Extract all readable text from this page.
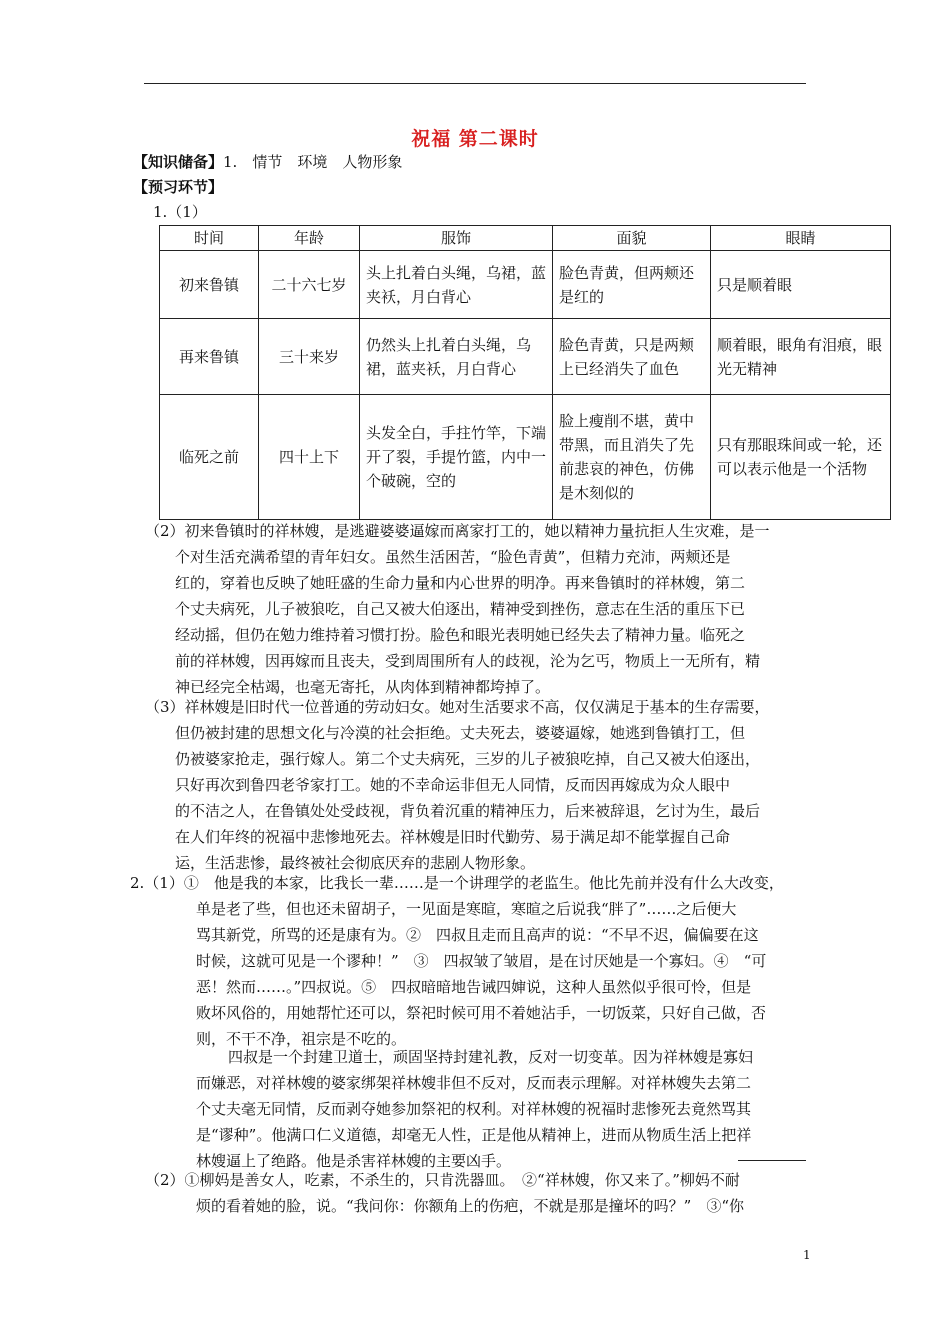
祝福 第二课时
【知识储备】1.　情节　环境　人物形象
【预习环节】
1.（1）
时间	年龄	服饰	面貌	眼睛
初来鲁镇	二十六七岁	头上扎着白头绳，乌裙，蓝夹袄，月白背心	脸色青黄，但两颊还是红的	只是顺着眼
再来鲁镇	三十来岁	仍然头上扎着白头绳，乌裙，蓝夹袄，月白背心	脸色青黄，只是两颊上已经消失了血色	顺着眼，眼角有泪痕，眼光无精神
临死之前	四十上下	头发全白，手拄竹竿，下端开了裂，手提竹篮，内中一个破碗，空的	脸上瘦削不堪，黄中带黑，而且消失了先前悲哀的神色，仿佛是木刻似的	只有那眼珠间或一轮，还可以表示他是一个活物
（2）初来鲁镇时的祥林嫂，是逃避婆婆逼嫁而离家打工的，她以精神力量抗拒人生灾难，是一
个对生活充满希望的青年妇女。虽然生活困苦，“脸色青黄”，但精力充沛，两颊还是
红的，穿着也反映了她旺盛的生命力量和内心世界的明净。再来鲁镇时的祥林嫂，第二
个丈夫病死，儿子被狼吃，自己又被大伯逐出，精神受到挫伤，意志在生活的重压下已
经动摇，但仍在勉力维持着习惯打扮。脸色和眼光表明她已经失去了精神力量。临死之
前的祥林嫂，因再嫁而且丧夫，受到周围所有人的歧视，沦为乞丐，物质上一无所有，精
神已经完全枯竭，也毫无寄托，从肉体到精神都垮掉了。
（3）祥林嫂是旧时代一位普通的劳动妇女。她对生活要求不高，仅仅满足于基本的生存需要，
但仍被封建的思想文化与冷漠的社会拒绝。丈夫死去，婆婆逼嫁，她逃到鲁镇打工，但
仍被婆家抢走，强行嫁人。第二个丈夫病死，三岁的儿子被狼吃掉，自己又被大伯逐出，
只好再次到鲁四老爷家打工。她的不幸命运非但无人同情，反而因再嫁成为众人眼中
的不洁之人，在鲁镇处处受歧视，背负着沉重的精神压力，后来被辞退，乞讨为生，最后
在人们年终的祝福中悲惨地死去。祥林嫂是旧时代勤劳、易于满足却不能掌握自己命
运，生活悲惨，最终被社会彻底厌弃的悲剧人物形象。
2.（1）①　他是我的本家，比我长一辈……是一个讲理学的老监生。他比先前并没有什么大改变，
单是老了些，但也还未留胡子，一见面是寒暄，寒暄之后说我“胖了”……之后便大
骂其新党，所骂的还是康有为。②　四叔且走而且高声的说：“不早不迟，偏偏要在这
时候，这就可见是一个谬种！”　③　四叔皱了皱眉，是在讨厌她是一个寡妇。④　“可
恶！然而……。”四叔说。⑤　四叔暗暗地告诫四婶说，这种人虽然似乎很可怜，但是
败坏风俗的，用她帮忙还可以，祭祀时候可用不着她沾手，一切饭菜，只好自己做，否
则，不干不净，祖宗是不吃的。
四叔是一个封建卫道士，顽固坚持封建礼教，反对一切变革。因为祥林嫂是寡妇
而嫌恶，对祥林嫂的婆家绑架祥林嫂非但不反对，反而表示理解。对祥林嫂失去第二
个丈夫毫无同情，反而剥夺她参加祭祀的权利。对祥林嫂的祝福时悲惨死去竟然骂其
是“谬种”。他满口仁义道德，却毫无人性，正是他从精神上，进而从物质生活上把祥
林嫂逼上了绝路。他是杀害祥林嫂的主要凶手。
（2）①柳妈是善女人，吃素，不杀生的，只肯洗器皿。　②“祥林嫂，你又来了。”柳妈不耐
烦的看着她的脸，说。“我问你：你额角上的伤疤，不就是那是撞坏的吗？”　③“你
1
